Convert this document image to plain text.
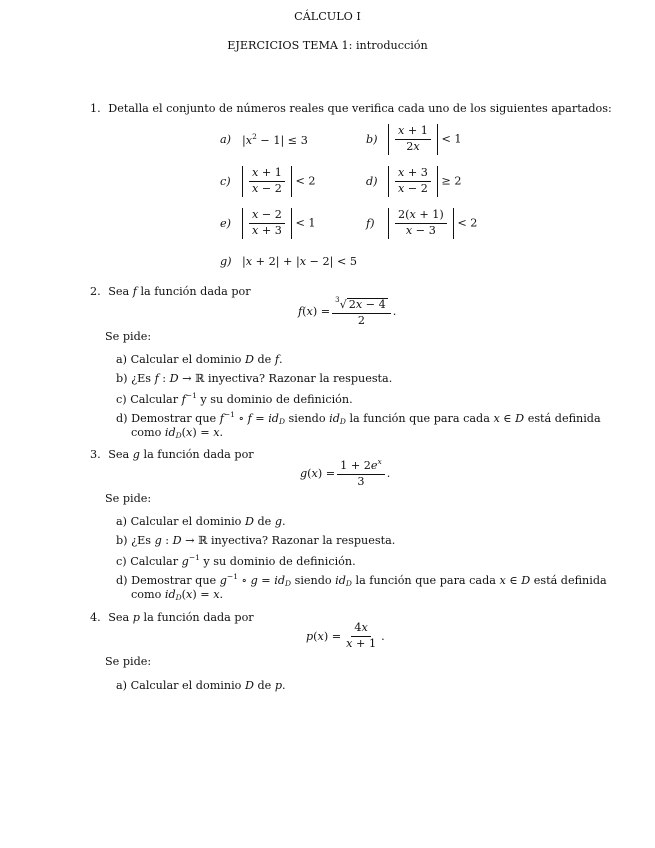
CÁLCULO I
EJERCICIOS TEMA 1: introducción
1. Detalla el conjunto de números reales que verifica cada uno de los siguientes apartados:
a) $|x^2 - 1| \le 3$	b)	$\frac{x + 1}{2x} < 1$
c)	$\frac{x + 1}{x - 2} < 2$	d)	$\frac{x + 3}{x - 2} \ge 2$
e)	$\frac{x - 2}{x + 3} < 1$	f)	$\frac{2(x + 1)}{x - 3} < 2$
g) |x + 2| + |x − 2| < 5
2. Sea f la función dada por
f ( x ) = $\frac{^3√ 2x - 4}{2}$ .
Se pide:
a) Calcular el dominio D de f.
b) ¿Es f : D → ℝ inyectiva? Razonar la respuesta.
c) Calcular $f^{-1}$ y su dominio de definición.
d) Demostrar que $f^{-1}$ ∘ $f = id_D$ siendo $id_D$ la función que para cada x ∈ D está definida
como $id_D(x) = x$.
3. Sea g la función dada por
g ( x ) = $\frac{1 + 2e^x}{3}$ .
Se pide:
a) Calcular el dominio D de g.
b) ¿Es g : D → ℝ inyectiva? Razonar la respuesta.
c) Calcular $g^{-1}$ y su dominio de definición.
d) Demostrar que $g^{-1}$ ∘ $g = id_D$ siendo $id_D$ la función que para cada x ∈ D está definida
como $id_D(x) = x$.
4. Sea p la función dada por
p ( x ) = $\frac{4x}{x + 1}$ .
Se pide:
a) Calcular el dominio D de p.
